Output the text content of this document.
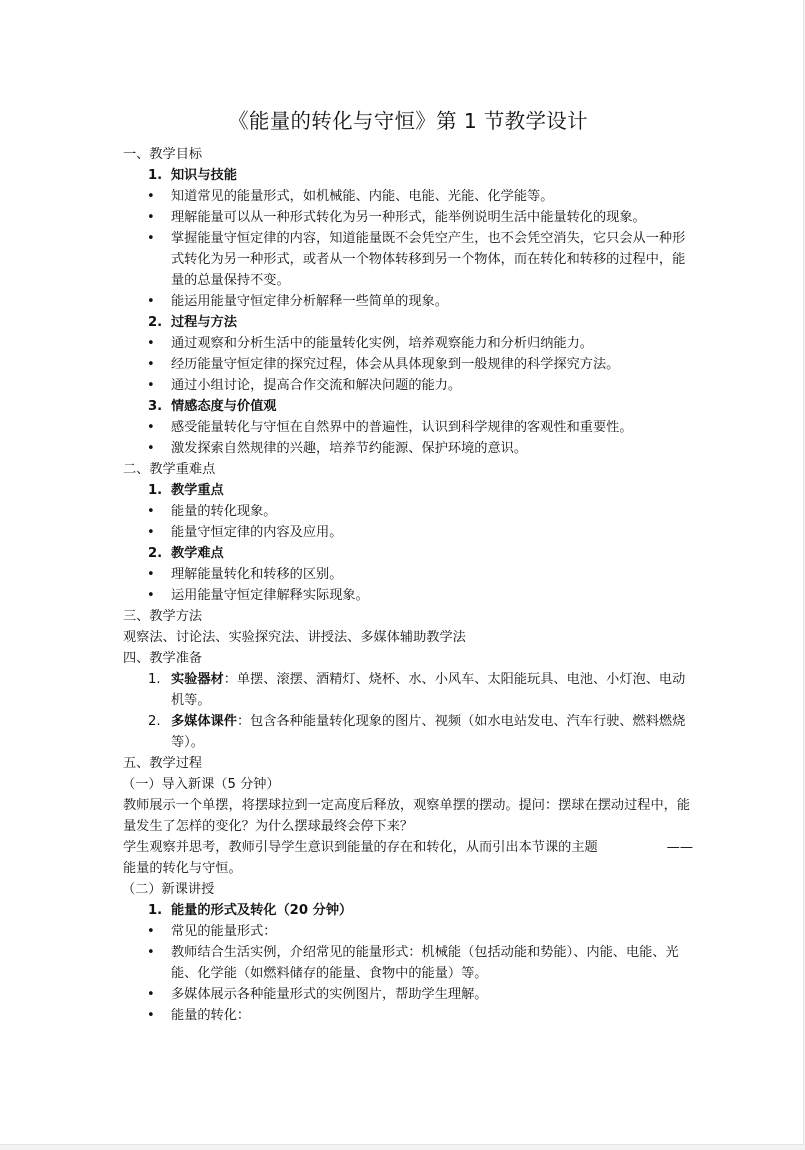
《能量的转化与守恒》第 1 节教学设计

一、教学目标

1. 知识与技能

• 知道常见的能量形式，如机械能、内能、电能、光能、化学能等。

• 理解能量可以从一种形式转化为另一种形式，能举例说明生活中能量转化的现象。

• 掌握能量守恒定律的内容，知道能量既不会凭空产生，也不会凭空消失，它只会从一种形式转化为另一种形式，或者从一个物体转移到另一个物体，而在转化和转移的过程中，能量的总量保持不变。

• 能运用能量守恒定律分析解释一些简单的现象。

2. 过程与方法

• 通过观察和分析生活中的能量转化实例，培养观察能力和分析归纳能力。

• 经历能量守恒定律的探究过程，体会从具体现象到一般规律的科学探究方法。

• 通过小组讨论，提高合作交流和解决问题的能力。

3. 情感态度与价值观

• 感受能量转化与守恒在自然界中的普遍性，认识到科学规律的客观性和重要性。

• 激发探索自然规律的兴趣，培养节约能源、保护环境的意识。

二、教学重难点

1. 教学重点

• 能量的转化现象。

• 能量守恒定律的内容及应用。

2. 教学难点

• 理解能量转化和转移的区别。

• 运用能量守恒定律解释实际现象。

三、教学方法

观察法、讨论法、实验探究法、讲授法、多媒体辅助教学法

四、教学准备

1. 实验器材：单摆、滚摆、酒精灯、烧杯、水、小风车、太阳能玩具、电池、小灯泡、电动机等。

2. 多媒体课件：包含各种能量转化现象的图片、视频（如水电站发电、汽车行驶、燃料燃烧等）。

五、教学过程

（一）导入新课（5 分钟）

教师展示一个单摆，将摆球拉到一定高度后释放，观察单摆的摆动。提问：摆球在摆动过程中，能量发生了怎样的变化？为什么摆球最终会停下来？

学生观察并思考，教师引导学生意识到能量的存在和转化，从而引出本节课的主题	——

能量的转化与守恒。

（二）新课讲授

1. 能量的形式及转化（20 分钟）

• 常见的能量形式：

• 教师结合生活实例，介绍常见的能量形式：机械能（包括动能和势能）、内能、电能、光能、化学能（如燃料储存的能量、食物中的能量）等。

• 多媒体展示各种能量形式的实例图片，帮助学生理解。

• 能量的转化：
